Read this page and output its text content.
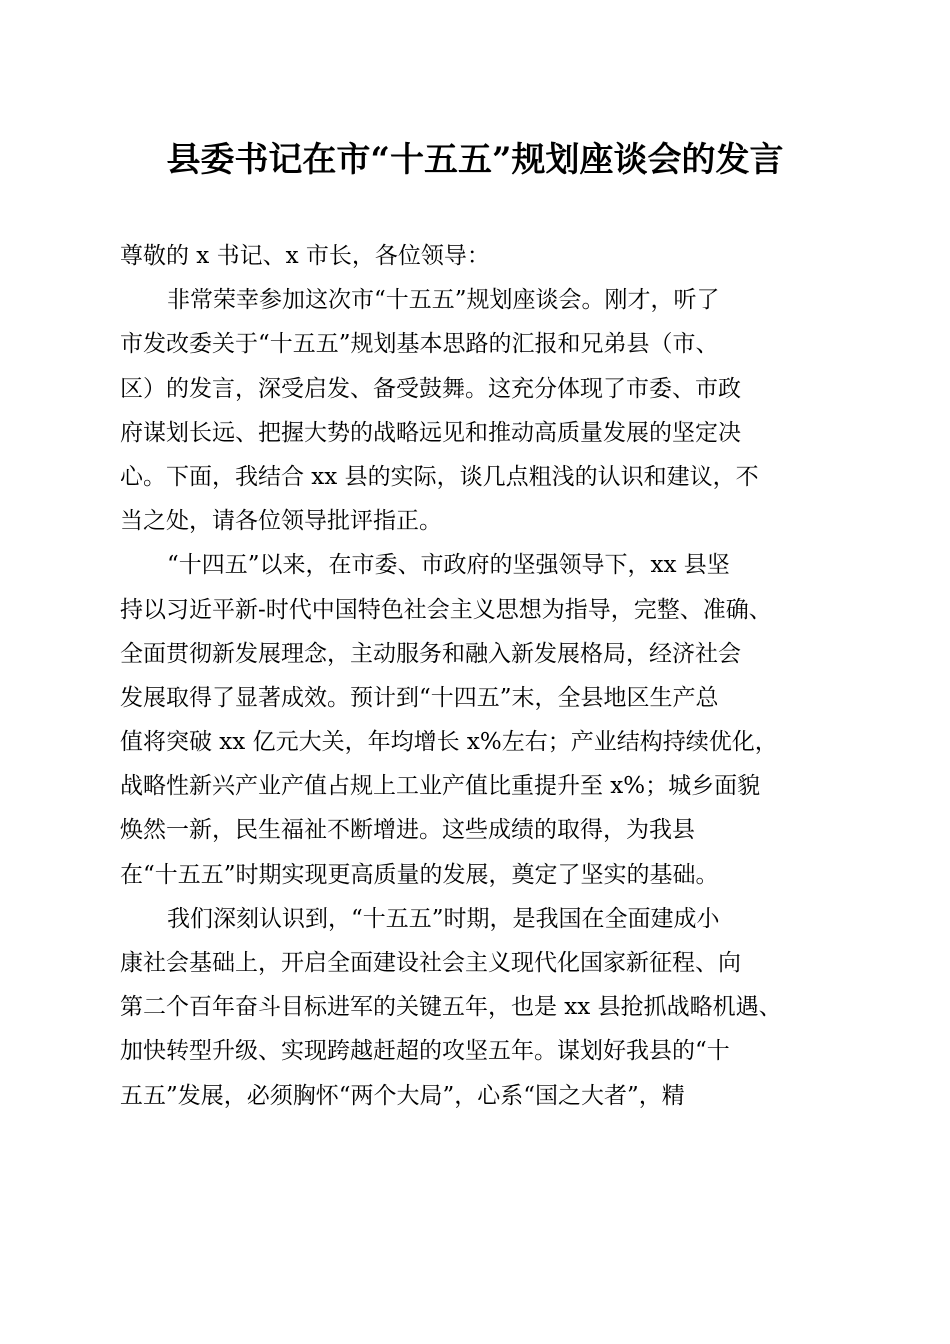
县委书记在市“十五五”规划座谈会的发言
尊敬的 x 书记、x 市长，各位领导：
非常荣幸参加这次市“十五五”规划座谈会。刚才，听了
市发改委关于“十五五”规划基本思路的汇报和兄弟县（市、
区）的发言，深受启发、备受鼓舞。这充分体现了市委、市政
府谋划长远、把握大势的战略远见和推动高质量发展的坚定决
心。下面，我结合 xx 县的实际，谈几点粗浅的认识和建议，不
当之处，请各位领导批评指正。
“十四五”以来，在市委、市政府的坚强领导下，xx 县坚
持以习近平新-时代中国特色社会主义思想为指导，完整、准确、
全面贯彻新发展理念，主动服务和融入新发展格局，经济社会
发展取得了显著成效。预计到“十四五”末，全县地区生产总
值将突破 xx 亿元大关，年均增长 x%左右；产业结构持续优化，
战略性新兴产业产值占规上工业产值比重提升至 x%；城乡面貌
焕然一新，民生福祉不断增进。这些成绩的取得，为我县
在“十五五”时期实现更高质量的发展，奠定了坚实的基础。
我们深刻认识到，“十五五”时期，是我国在全面建成小
康社会基础上，开启全面建设社会主义现代化国家新征程、向
第二个百年奋斗目标进军的关键五年，也是 xx 县抢抓战略机遇、
加快转型升级、实现跨越赶超的攻坚五年。谋划好我县的“十
五五”发展，必须胸怀“两个大局”，心系“国之大者”，精
